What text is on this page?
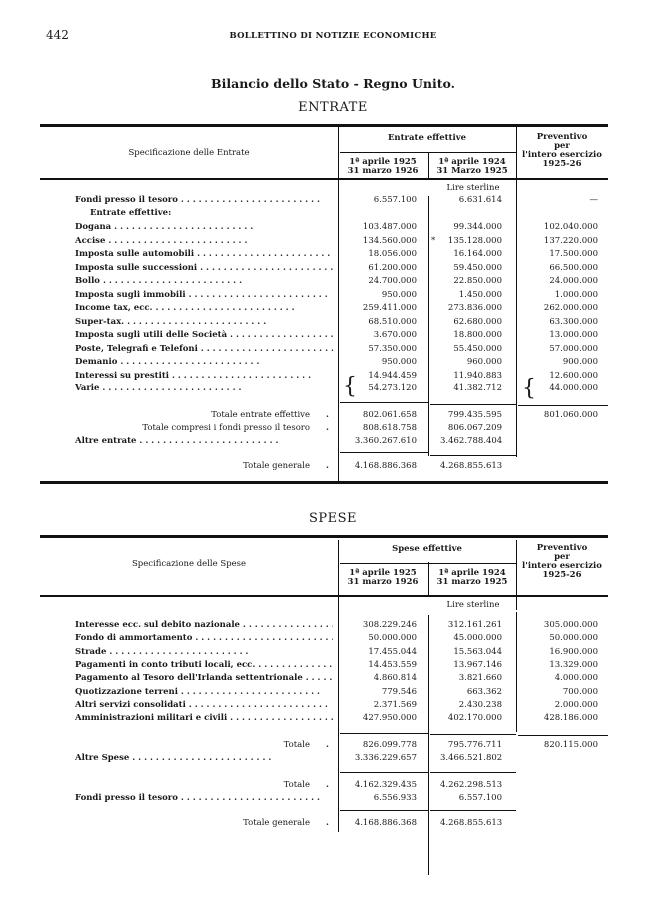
442	BOLLETTINO DI NOTIZIE ECONOMICHE
Bilancio dello Stato - Regno Unito.
ENTRATE
Specificazione delle Entrate
Entrate effettive
1ª aprile 1925
31 marzo 1926
1ª aprile 1924
31 Marzo 1925
Preventivo
per
l'intero esercizio
1925-26
Lire sterline
Fondi presso il tesoro . .	6.557.100	6.631.614	—
Entrate effettive:
Dogana . .	103.487.000	99.344.000	102.040.000
Accise . .	134.560.000	135.128.000	137.220.000
*
Imposta sulle automobili . .	18.056.000	16.164.000	17.500.000
Imposta sulle successioni . .	61.200.000	59.450.000	66.500.000
Bollo . .	24.700.000	22.850.000	24.000.000
Imposta sugli immobili . .	950.000	1.450.000	1.000.000
Income tax, ecc. . .	259.411.000	273.836.000	262.000.000
Super-tax. . .	68.510.000	62.680.000	63.300.000
Imposta sugli utili delle Società . .	3.670.000	18.800.000	13.000.000
Poste, Telegrafi e Telefoni . .	57.350.000	55.450.000	57.000.000
Demanio . .	950.000	960.000	900.000
Interessi su prestiti . .	14.944.459	11.940.883	12.600.000
Varie . .	54.273.120	41.382.712	44.000.000
{	{
Totale entrate effettive .	802.061.658	799.435.595	801.060.000
Totale compresi i fondi presso il tesoro .	808.618.758	806.067.209
Altre entrate . .	3.360.267.610	3.462.788.404
Totale generale .	4.168.886.368	4.268.855.613
SPESE
Specificazione delle Spese
Spese effettive
1ª aprile 1925
31 marzo 1926
1ª aprile 1924
31 marzo 1925
Preventivo
per
l'intero esercizio
1925-26
Lire sterline
Interesse ecc. sul debito nazionale . .	308.229.246	312.161.261	305.000.000
Fondo di ammortamento . .	50.000.000	45.000.000	50.000.000
Strade . .	17.455.044	15.563.044	16.900.000
Pagamenti in conto tributi locali, ecc. . .	14.453.559	13.967.146	13.329.000
Pagamento al Tesoro dell'Irlanda settentrionale . .	4.860.814	3.821.660	4.000.000
Quotizzazione terreni . .	779.546	663.362	700.000
Altri servizi consolidati . .	2.371.569	2.430.238	2.000.000
Amministrazioni militari e civili . .	427.950.000	402.170.000	428.186.000
Totale .	826.099.778	795.776.711	820.115.000
Altre Spese . .	3.336.229.657	3.466.521.802
Totale .	4.162.329.435	4.262.298.513
Fondi presso il tesoro . .	6.556.933	6.557.100
Totale generale .	4.168.886.368	4.268.855.613
